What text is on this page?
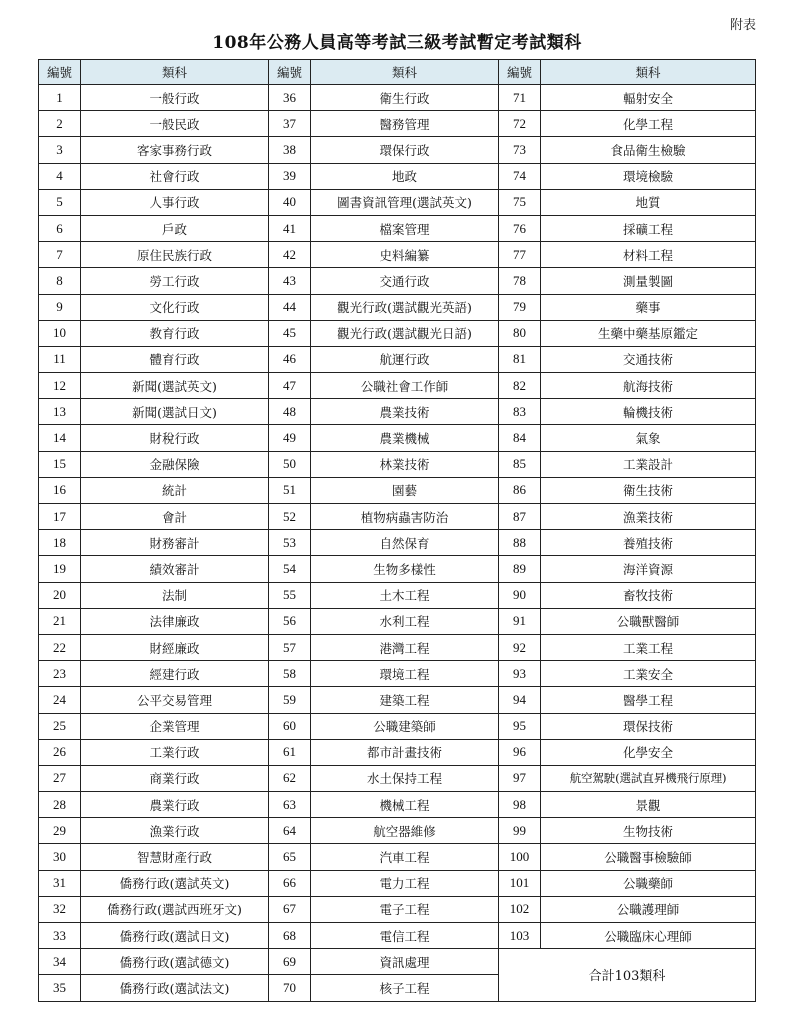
附表
108年公務人員高等考試三級考試暫定考試類科
編號	類科	編號	類科	編號	類科
1	一般行政	36	衛生行政	71	輻射安全
2	一般民政	37	醫務管理	72	化學工程
3	客家事務行政	38	環保行政	73	食品衛生檢驗
4	社會行政	39	地政	74	環境檢驗
5	人事行政	40	圖書資訊管理(選試英文)	75	地質
6	戶政	41	檔案管理	76	採礦工程
7	原住民族行政	42	史料編纂	77	材料工程
8	勞工行政	43	交通行政	78	測量製圖
9	文化行政	44	觀光行政(選試觀光英語)	79	藥事
10	教育行政	45	觀光行政(選試觀光日語)	80	生藥中藥基原鑑定
11	體育行政	46	航運行政	81	交通技術
12	新聞(選試英文)	47	公職社會工作師	82	航海技術
13	新聞(選試日文)	48	農業技術	83	輪機技術
14	財稅行政	49	農業機械	84	氣象
15	金融保險	50	林業技術	85	工業設計
16	統計	51	園藝	86	衛生技術
17	會計	52	植物病蟲害防治	87	漁業技術
18	財務審計	53	自然保育	88	養殖技術
19	績效審計	54	生物多樣性	89	海洋資源
20	法制	55	土木工程	90	畜牧技術
21	法律廉政	56	水利工程	91	公職獸醫師
22	財經廉政	57	港灣工程	92	工業工程
23	經建行政	58	環境工程	93	工業安全
24	公平交易管理	59	建築工程	94	醫學工程
25	企業管理	60	公職建築師	95	環保技術
26	工業行政	61	都市計畫技術	96	化學安全
27	商業行政	62	水土保持工程	97	航空駕駛(選試直昇機飛行原理)
28	農業行政	63	機械工程	98	景觀
29	漁業行政	64	航空器維修	99	生物技術
30	智慧財產行政	65	汽車工程	100	公職醫事檢驗師
31	僑務行政(選試英文)	66	電力工程	101	公職藥師
32	僑務行政(選試西班牙文)	67	電子工程	102	公職護理師
33	僑務行政(選試日文)	68	電信工程	103	公職臨床心理師
34	僑務行政(選試德文)	69	資訊處理	合計103類科	
35	僑務行政(選試法文)	70	核子工程		
